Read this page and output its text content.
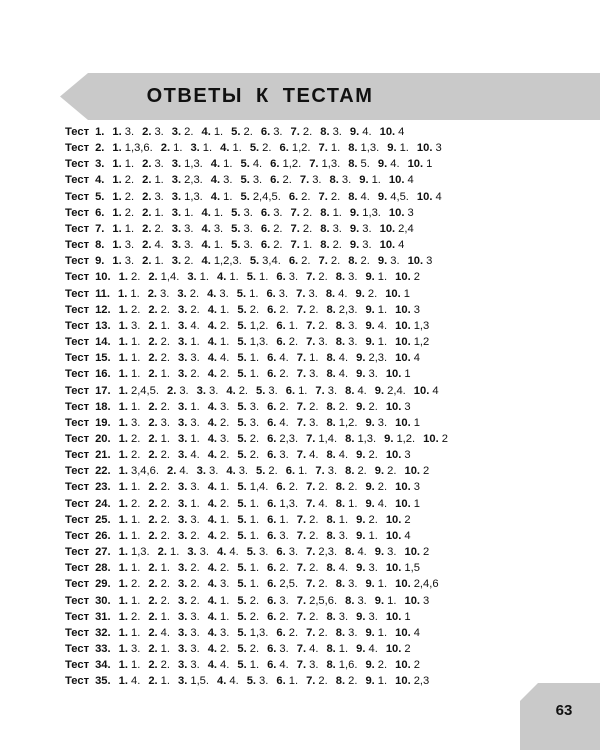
ОТВЕТЫ К ТЕСТАМ
Тест 1. 1. 3. 2. 3. 3. 2. 4. 1. 5. 2. 6. 3. 7. 2. 8. 3. 9. 4. 10. 4
Тест 2. 1. 1,3,6. 2. 1. 3. 1. 4. 1. 5. 2. 6. 1,2. 7. 1. 8. 1,3. 9. 1. 10. 3
Тест 3. 1. 1. 2. 3. 3. 1,3. 4. 1. 5. 4. 6. 1,2. 7. 1,3. 8. 5. 9. 4. 10. 1
Тест 4. 1. 2. 2. 1. 3. 2,3. 4. 3. 5. 3. 6. 2. 7. 3. 8. 3. 9. 1. 10. 4
Тест 5. 1. 2. 2. 3. 3. 1,3. 4. 1. 5. 2,4,5. 6. 2. 7. 2. 8. 4. 9. 4,5. 10. 4
Тест 6. 1. 2. 2. 1. 3. 1. 4. 1. 5. 3. 6. 3. 7. 2. 8. 1. 9. 1,3. 10. 3
Тест 7. 1. 1. 2. 2. 3. 3. 4. 3. 5. 3. 6. 2. 7. 2. 8. 3. 9. 3. 10. 2,4
Тест 8. 1. 3. 2. 4. 3. 3. 4. 1. 5. 3. 6. 2. 7. 1. 8. 2. 9. 3. 10. 4
Тест 9. 1. 3. 2. 1. 3. 2. 4. 1,2,3. 5. 3,4. 6. 2. 7. 2. 8. 2. 9. 3. 10. 3
Тест 10. 1. 2. 2. 1,4. 3. 1. 4. 1. 5. 1. 6. 3. 7. 2. 8. 3. 9. 1. 10. 2
Тест 11. 1. 1. 2. 3. 3. 2. 4. 3. 5. 1. 6. 3. 7. 3. 8. 4. 9. 2. 10. 1
Тест 12. 1. 2. 2. 2. 3. 2. 4. 1. 5. 2. 6. 2. 7. 2. 8. 2,3. 9. 1. 10. 3
Тест 13. 1. 3. 2. 1. 3. 4. 4. 2. 5. 1,2. 6. 1. 7. 2. 8. 3. 9. 4. 10. 1,3
Тест 14. 1. 1. 2. 2. 3. 1. 4. 1. 5. 1,3. 6. 2. 7. 3. 8. 3. 9. 1. 10. 1,2
Тест 15. 1. 1. 2. 2. 3. 3. 4. 4. 5. 1. 6. 4. 7. 1. 8. 4. 9. 2,3. 10. 4
Тест 16. 1. 1. 2. 1. 3. 2. 4. 2. 5. 1. 6. 2. 7. 3. 8. 4. 9. 3. 10. 1
Тест 17. 1. 2,4,5. 2. 3. 3. 3. 4. 2. 5. 3. 6. 1. 7. 3. 8. 4. 9. 2,4. 10. 4
Тест 18. 1. 1. 2. 2. 3. 1. 4. 3. 5. 3. 6. 2. 7. 2. 8. 2. 9. 2. 10. 3
Тест 19. 1. 3. 2. 3. 3. 3. 4. 2. 5. 3. 6. 4. 7. 3. 8. 1,2. 9. 3. 10. 1
Тест 20. 1. 2. 2. 1. 3. 1. 4. 3. 5. 2. 6. 2,3. 7. 1,4. 8. 1,3. 9. 1,2. 10. 2
Тест 21. 1. 2. 2. 2. 3. 4. 4. 2. 5. 2. 6. 3. 7. 4. 8. 4. 9. 2. 10. 3
Тест 22. 1. 3,4,6. 2. 4. 3. 3. 4. 3. 5. 2. 6. 1. 7. 3. 8. 2. 9. 2. 10. 2
Тест 23. 1. 1. 2. 2. 3. 3. 4. 1. 5. 1,4. 6. 2. 7. 2. 8. 2. 9. 2. 10. 3
Тест 24. 1. 2. 2. 2. 3. 1. 4. 2. 5. 1. 6. 1,3. 7. 4. 8. 1. 9. 4. 10. 1
Тест 25. 1. 1. 2. 2. 3. 3. 4. 1. 5. 1. 6. 1. 7. 2. 8. 1. 9. 2. 10. 2
Тест 26. 1. 1. 2. 2. 3. 2. 4. 2. 5. 1. 6. 3. 7. 2. 8. 3. 9. 1. 10. 4
Тест 27. 1. 1,3. 2. 1. 3. 3. 4. 4. 5. 3. 6. 3. 7. 2,3. 8. 4. 9. 3. 10. 2
Тест 28. 1. 1. 2. 1. 3. 2. 4. 2. 5. 1. 6. 2. 7. 2. 8. 4. 9. 3. 10. 1,5
Тест 29. 1. 2. 2. 2. 3. 2. 4. 3. 5. 1. 6. 2,5. 7. 2. 8. 3. 9. 1. 10. 2,4,6
Тест 30. 1. 1. 2. 2. 3. 2. 4. 1. 5. 2. 6. 3. 7. 2,5,6. 8. 3. 9. 1. 10. 3
Тест 31. 1. 2. 2. 1. 3. 3. 4. 1. 5. 2. 6. 2. 7. 2. 8. 3. 9. 3. 10. 1
Тест 32. 1. 1. 2. 4. 3. 3. 4. 3. 5. 1,3. 6. 2. 7. 2. 8. 3. 9. 1. 10. 4
Тест 33. 1. 3. 2. 1. 3. 3. 4. 2. 5. 2. 6. 3. 7. 4. 8. 1. 9. 4. 10. 2
Тест 34. 1. 1. 2. 2. 3. 3. 4. 4. 5. 1. 6. 4. 7. 3. 8. 1,6. 9. 2. 10. 2
Тест 35. 1. 4. 2. 1. 3. 1,5. 4. 4. 5. 3. 6. 1. 7. 2. 8. 2. 9. 1. 10. 2,3
63
